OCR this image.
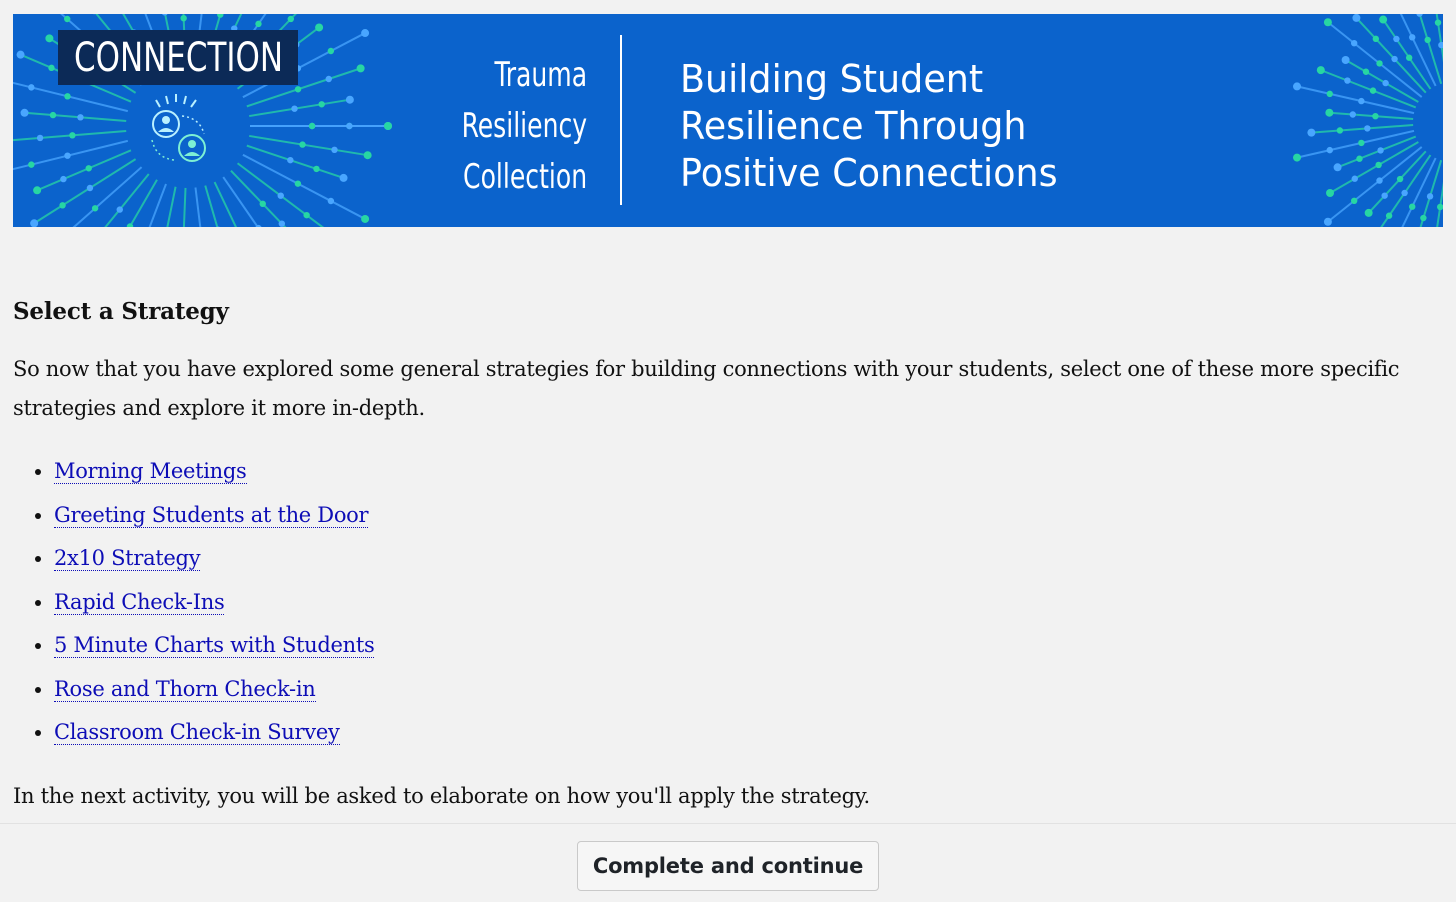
CONNECTION	Trauma
Resiliency
Collection
Building Student
Resilience Through
Positive Connections
Select a Strategy

So now that you have explored some general strategies for building connections with your students, select one of these more specific strategies and explore it more in-depth.

• Morning Meetings
• Greeting Students at the Door
• 2x10 Strategy
• Rapid Check-Ins
• 5 Minute Charts with Students
• Rose and Thorn Check-in
• Classroom Check-in Survey

In the next activity, you will be asked to elaborate on how you'll apply the strategy.

Complete and continue
